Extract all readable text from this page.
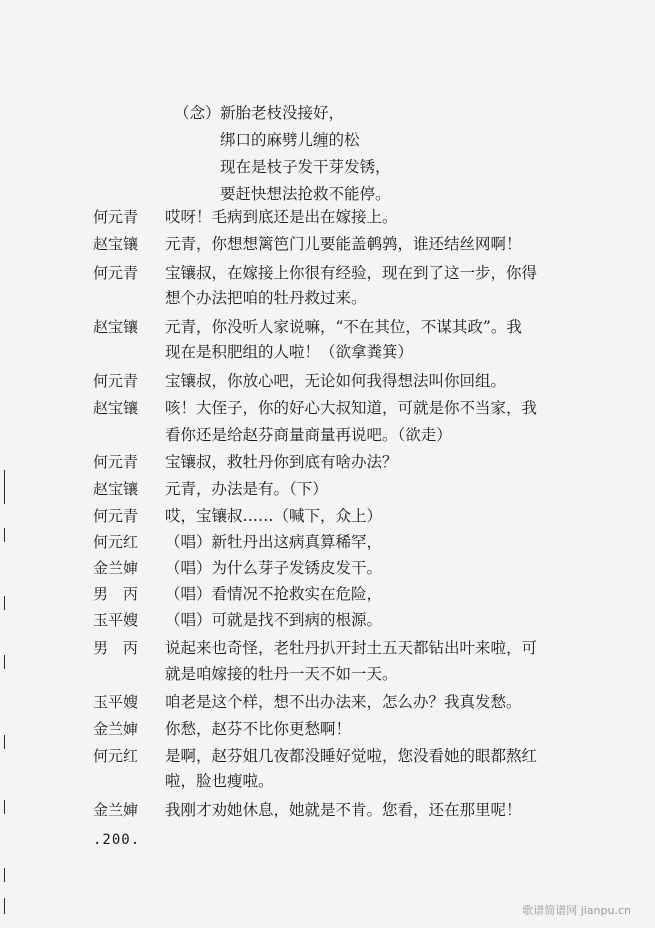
（念） 新胎老枝没接好，
绑口的麻劈儿缠的松
现在是枝子发干芽发锈，
要赶快想法抢救不能停。
何元青	哎呀！毛病到底还是出在嫁接上。
赵宝镶	元青，你想想篱笆门儿要能盖鹌鹑，谁还结丝网啊！
何元青	宝镶叔，在嫁接上你很有经验，现在到了这一步，你得
想个办法把咱的牡丹救过来。
赵宝镶	元青，你没听人家说嘛，“不在其位，不谋其政”。我
现在是积肥组的人啦！（欲拿粪箕）
何元青	宝镶叔，你放心吧，无论如何我得想法叫你回组。
赵宝镶	咳！大侄子，你的好心大叔知道，可就是你不当家，我
看你还是给赵芬商量商量再说吧。（欲走）
何元青	宝镶叔，救牡丹你到底有啥办法？
赵宝镶	元青，办法是有。（下）
何元青	哎，宝镶叔……（喊下，众上）
何元红	（唱）新牡丹出这病真算稀罕，
金兰婶	（唱）为什么芽子发锈皮发干。
男　丙	（唱）看情况不抢救实在危险，
玉平嫂	（唱）可就是找不到病的根源。
男　丙	说起来也奇怪，老牡丹扒开封土五天都钻出叶来啦，可
就是咱嫁接的牡丹一天不如一天。
玉平嫂	咱老是这个样，想不出办法来，怎么办？我真发愁。
金兰婶	你愁，赵芬不比你更愁啊！
何元红	是啊，赵芬姐几夜都没睡好觉啦，您没看她的眼都熬红
啦，脸也瘦啦。
金兰婶	我刚才劝她休息，她就是不肯。您看，还在那里呢！
.200.
歌谱简谱网 jianpu.cn
